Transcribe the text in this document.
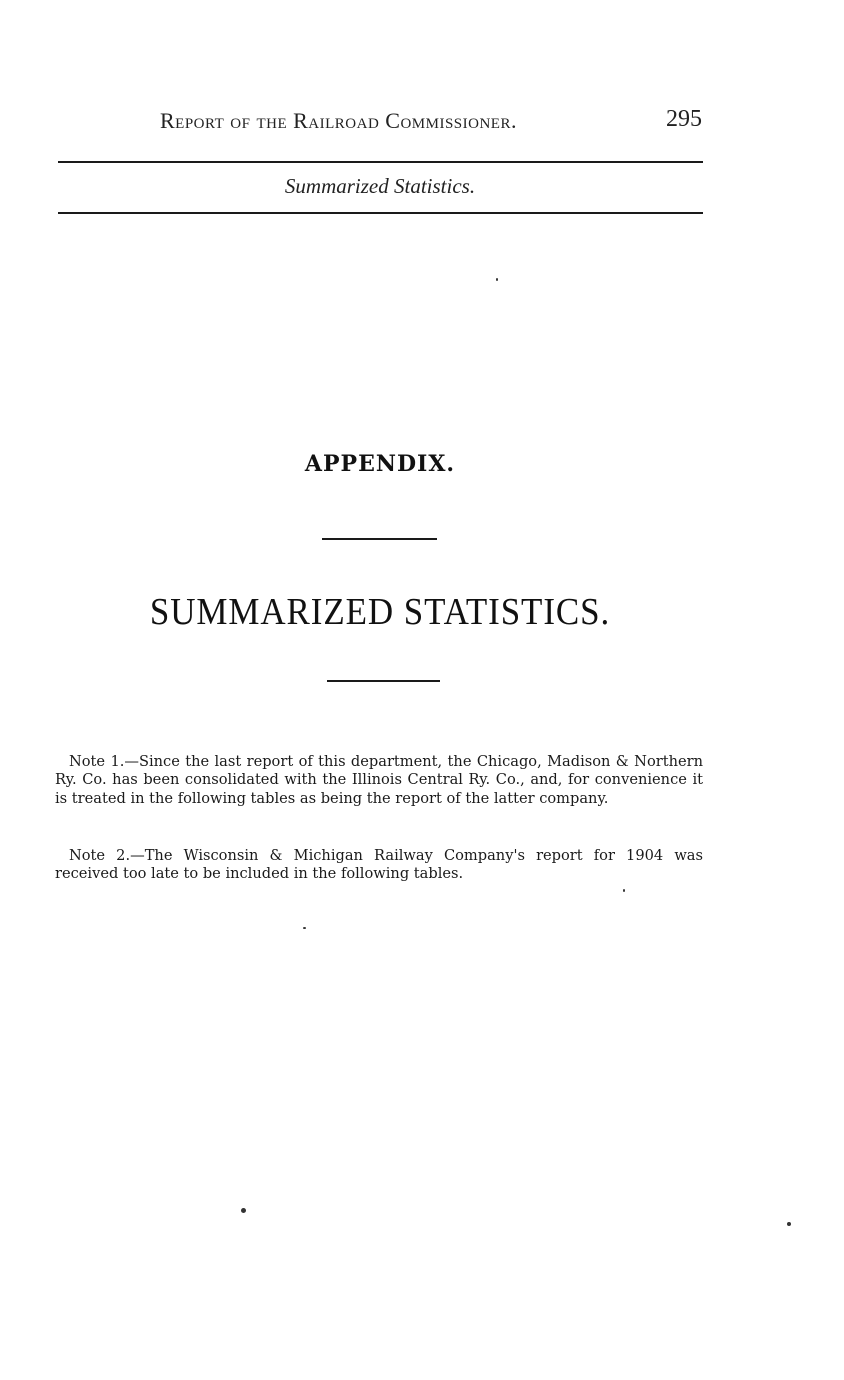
Report of the Railroad Commissioner.	295
Summarized Statistics.
APPENDIX.
SUMMARIZED STATISTICS.

Note 1.—Since the last report of this department, the Chicago, Madison & Northern Ry. Co. has been consolidated with the Illinois Central Ry. Co., and, for convenience it is treated in the following tables as being the report of the latter company.

Note 2.—The Wisconsin & Michigan Railway Company's report for 1904 was received too late to be included in the following tables.
